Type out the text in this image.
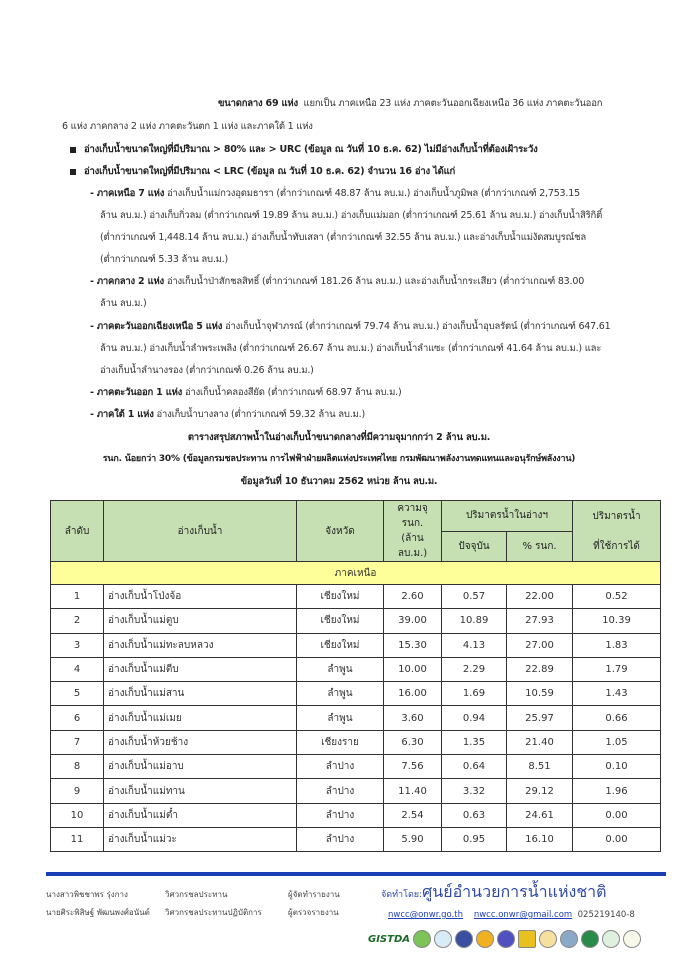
ขนาดกลาง 69 แห่ง แยกเป็น ภาคเหนือ 23 แห่ง ภาคตะวันออกเฉียงเหนือ 36 แห่ง ภาคตะวันออก
6 แห่ง ภาคกลาง 2 แห่ง ภาคตะวันตก 1 แห่ง และภาคใต้ 1 แห่ง
อ่างเก็บน้ำขนาดใหญ่ที่มีปริมาณ > 80% และ > URC (ข้อมูล ณ วันที่ 10 ธ.ค. 62) ไม่มีอ่างเก็บน้ำที่ต้องเฝ้าระวัง
อ่างเก็บน้ำขนาดใหญ่ที่มีปริมาณ < LRC (ข้อมูล ณ วันที่ 10 ธ.ค. 62) จำนวน 16 อ่าง ได้แก่
- ภาคเหนือ 7 แห่ง อ่างเก็บน้ำแม่กวงอุดมธารา (ต่ำกว่าเกณฑ์ 48.87 ล้าน ลบ.ม.) อ่างเก็บน้ำภูมิพล (ต่ำกว่าเกณฑ์ 2,753.15
ล้าน ลบ.ม.) อ่างเก็บกิ่วลม (ต่ำกว่าเกณฑ์ 19.89 ล้าน ลบ.ม.) อ่างเก็บแม่มอก (ต่ำกว่าเกณฑ์ 25.61 ล้าน ลบ.ม.) อ่างเก็บน้ำสิริกิติ์
(ต่ำกว่าเกณฑ์ 1,448.14 ล้าน ลบ.ม.) อ่างเก็บน้ำทับเสลา (ต่ำกว่าเกณฑ์ 32.55 ล้าน ลบ.ม.) และอ่างเก็บน้ำแม่งัดสมบูรณ์ชล
(ต่ำกว่าเกณฑ์ 5.33 ล้าน ลบ.ม.)
- ภาคกลาง 2 แห่ง อ่างเก็บน้ำป่าสักชลสิทธิ์ (ต่ำกว่าเกณฑ์ 181.26 ล้าน ลบ.ม.) และอ่างเก็บน้ำกระเสียว (ต่ำกว่าเกณฑ์ 83.00
ล้าน ลบ.ม.)
- ภาคตะวันออกเฉียงเหนือ 5 แห่ง อ่างเก็บน้ำจุฬาภรณ์ (ต่ำกว่าเกณฑ์ 79.74 ล้าน ลบ.ม.) อ่างเก็บน้ำอุบลรัตน์ (ต่ำกว่าเกณฑ์ 647.61
ล้าน ลบ.ม.) อ่างเก็บน้ำลำพระเพลิง (ต่ำกว่าเกณฑ์ 26.67 ล้าน ลบ.ม.) อ่างเก็บน้ำลำแซะ (ต่ำกว่าเกณฑ์ 41.64 ล้าน ลบ.ม.) และ
อ่างเก็บน้ำลำนางรอง (ต่ำกว่าเกณฑ์ 0.26 ล้าน ลบ.ม.)
- ภาคตะวันออก 1 แห่ง อ่างเก็บน้ำคลองสียัด (ต่ำกว่าเกณฑ์ 68.97 ล้าน ลบ.ม.)
- ภาคใต้ 1 แห่ง อ่างเก็บน้ำบางลาง (ต่ำกว่าเกณฑ์ 59.32 ล้าน ลบ.ม.)
ตารางสรุปสภาพน้ำในอ่างเก็บน้ำขนาดกลางที่มีความจุมากกว่า 2 ล้าน ลบ.ม.
รนก. น้อยกว่า 30% (ข้อมูลกรมชลประทาน การไฟฟ้าฝ่ายผลิตแห่งประเทศไทย กรมพัฒนาพลังงานทดแทนและอนุรักษ์พลังงาน)
ข้อมูลวันที่ 10 ธันวาคม 2562 หน่วย ล้าน ลบ.ม.
ลำดับ	อ่างเก็บน้ำ	จังหวัด	ความจุ รนก.	ปริมาตรน้ำในอ่างฯ		ปริมาตรน้ำ
			(ล้าน ลบ.ม.)	ปัจจุบัน	% รนก.	ที่ใช้การได้
ภาคเหนือ						
1	อ่างเก็บน้ำโป่งจ้อ	เชียงใหม่	2.60	0.57	22.00	0.52
2	อ่างเก็บน้ำแม่ตูบ	เชียงใหม่	39.00	10.89	27.93	10.39
3	อ่างเก็บน้ำแม่ทะลบหลวง	เชียงใหม่	15.30	4.13	27.00	1.83
4	อ่างเก็บน้ำแม่ตีบ	ลำพูน	10.00	2.29	22.89	1.79
5	อ่างเก็บน้ำแม่สาน	ลำพูน	16.00	1.69	10.59	1.43
6	อ่างเก็บน้ำแม่เมย	ลำพูน	3.60	0.94	25.97	0.66
7	อ่างเก็บน้ำห้วยช้าง	เชียงราย	6.30	1.35	21.40	1.05
8	อ่างเก็บน้ำแม่อาบ	ลำปาง	7.56	0.64	8.51	0.10
9	อ่างเก็บน้ำแม่ทาน	ลำปาง	11.40	3.32	29.12	1.96
10	อ่างเก็บน้ำแม่ต๋ำ	ลำปาง	2.54	0.63	24.61	0.00
11	อ่างเก็บน้ำแม่วะ	ลำปาง	5.90	0.95	16.10	0.00
นางสาวพิชชาพร รุ่งกาง
นายศิระพิสิษฐ์ พัฒนพงศ์อนันต์
วิศวกรชลประทาน
วิศวกรชลประทานปฏิบัติการ
ผู้จัดทำรายงาน
ผู้ตรวจรายงาน
จัดทำโดย:ศูนย์อำนวยการน้ำแห่งชาติ
nwcc@onwr.go.th nwcc.onwr@gmail.com 025219140-8
GISTDA
